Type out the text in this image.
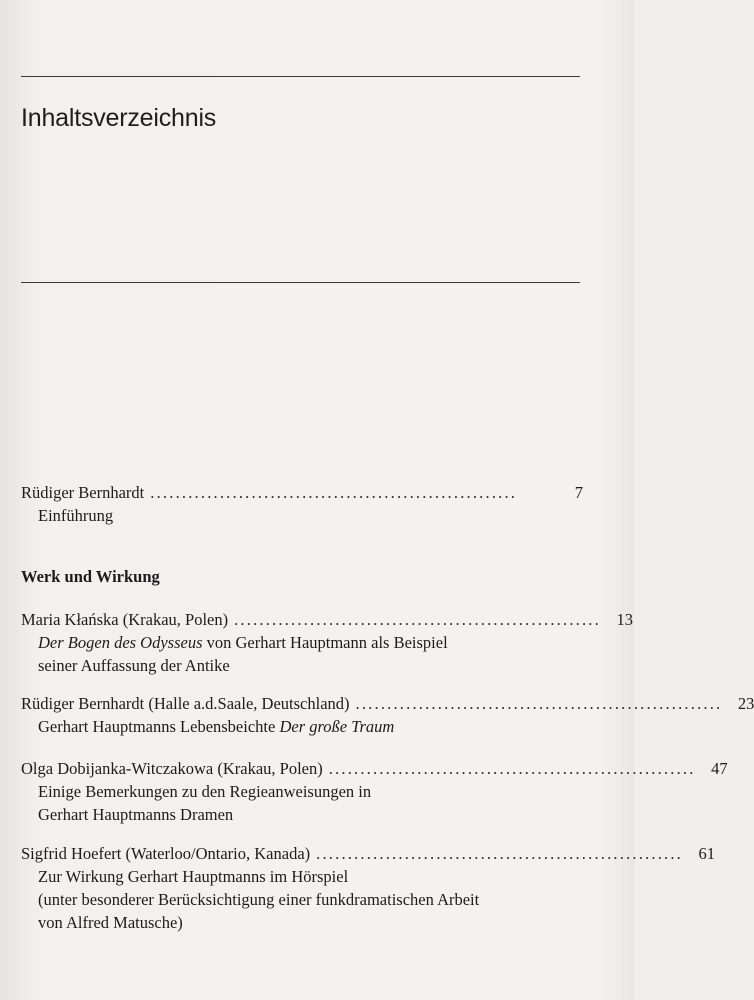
Inhaltsverzeichnis
Rüdiger Bernhardt ..........................................................	7
Einführung
Werk und Wirkung
Maria Kłańska (Krakau, Polen) .......................................................... 13
Der Bogen des Odysseus von Gerhart Hauptmann als Beispiel
seiner Auffassung der Antike
Rüdiger Bernhardt (Halle a.d.Saale, Deutschland) .......................................................... 23
Gerhart Hauptmanns Lebensbeichte Der große Traum
Olga Dobijanka-Witczakowa (Krakau, Polen) .......................................................... 47
Einige Bemerkungen zu den Regieanweisungen in
Gerhart Hauptmanns Dramen
Sigfrid Hoefert (Waterloo/Ontario, Kanada) .......................................................... 61
Zur Wirkung Gerhart Hauptmanns im Hörspiel
(unter besonderer Berücksichtigung einer funkdramatischen Arbeit
von Alfred Matusche)
